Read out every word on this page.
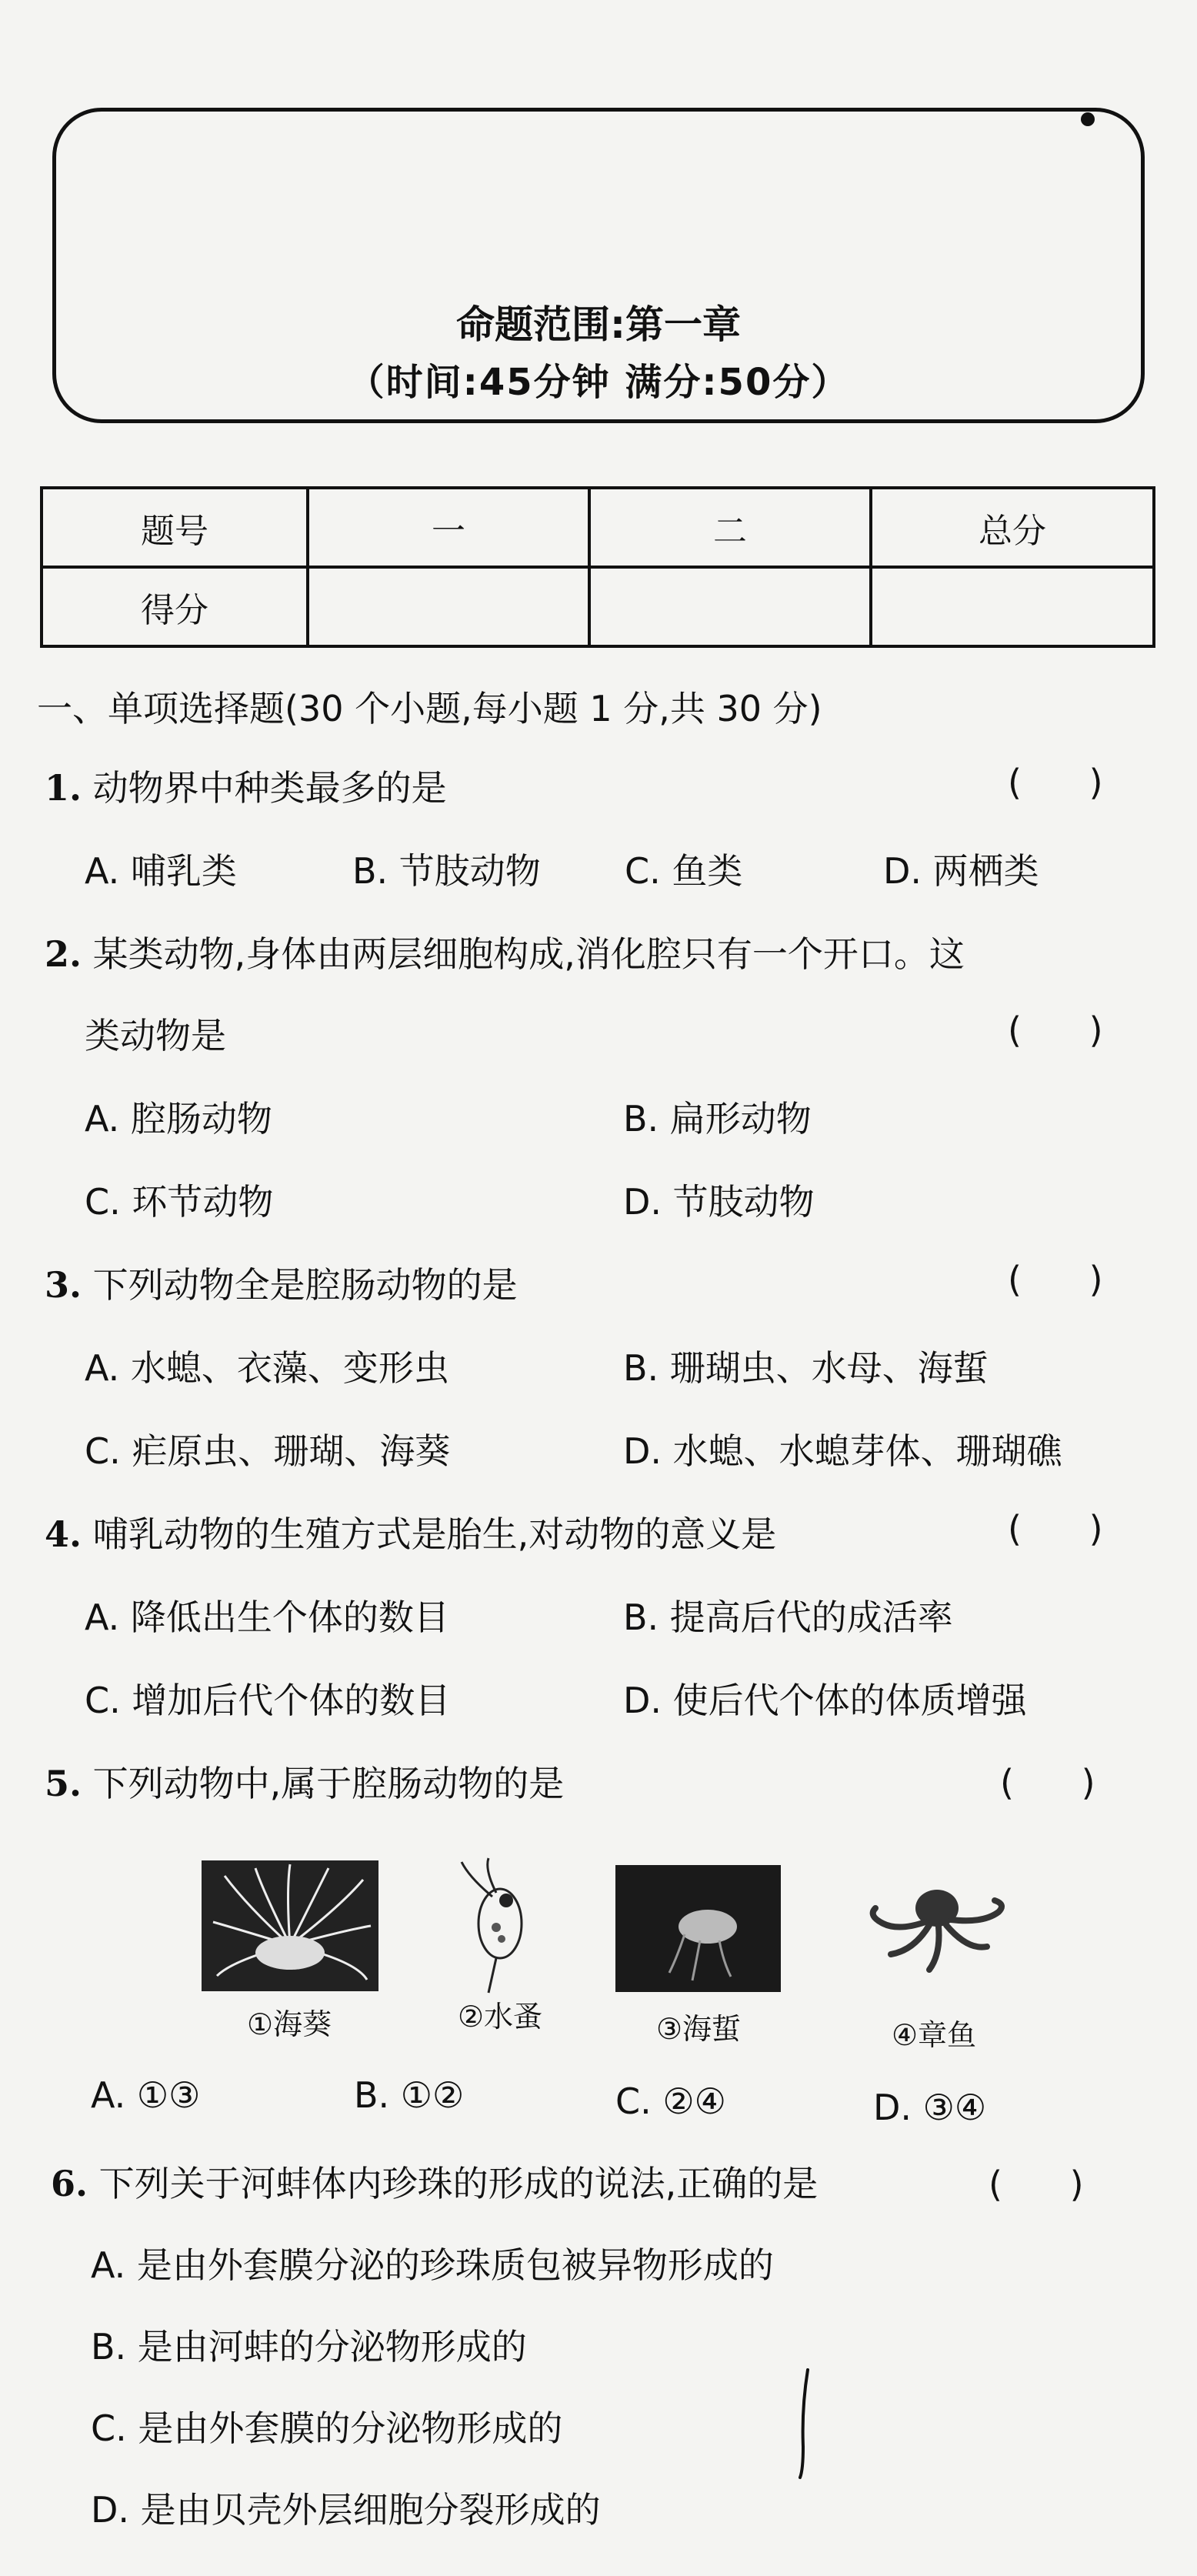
命题范围:第一章
（时间:45分钟 满分:50分）
题号	一	二	总分
得分			
一、单项选择题(30 个小题,每小题 1 分,共 30 分)
1. 动物界中种类最多的是	(      )
A. 哺乳类	B. 节肢动物 C. 鱼类	D. 两栖类
2. 某类动物,身体由两层细胞构成,消化腔只有一个开口。这
类动物是	(      )
A. 腔肠动物	B. 扁形动物
C. 环节动物	D. 节肢动物
3. 下列动物全是腔肠动物的是	(      )
A. 水螅、衣藻、变形虫	B. 珊瑚虫、水母、海蜇
C. 疟原虫、珊瑚、海葵	D. 水螅、水螅芽体、珊瑚礁
4. 哺乳动物的生殖方式是胎生,对动物的意义是	(      )
A. 降低出生个体的数目	B. 提高后代的成活率
C. 增加后代个体的数目	D. 使后代个体的体质增强
5. 下列动物中,属于腔肠动物的是	(      )
①海葵	②水蚤	③海蜇	④章鱼
A. ①③	B. ①②	C. ②④	D. ③④
6. 下列关于河蚌体内珍珠的形成的说法,正确的是	(      )
A. 是由外套膜分泌的珍珠质包被异物形成的
B. 是由河蚌的分泌物形成的
C. 是由外套膜的分泌物形成的
D. 是由贝壳外层细胞分裂形成的
